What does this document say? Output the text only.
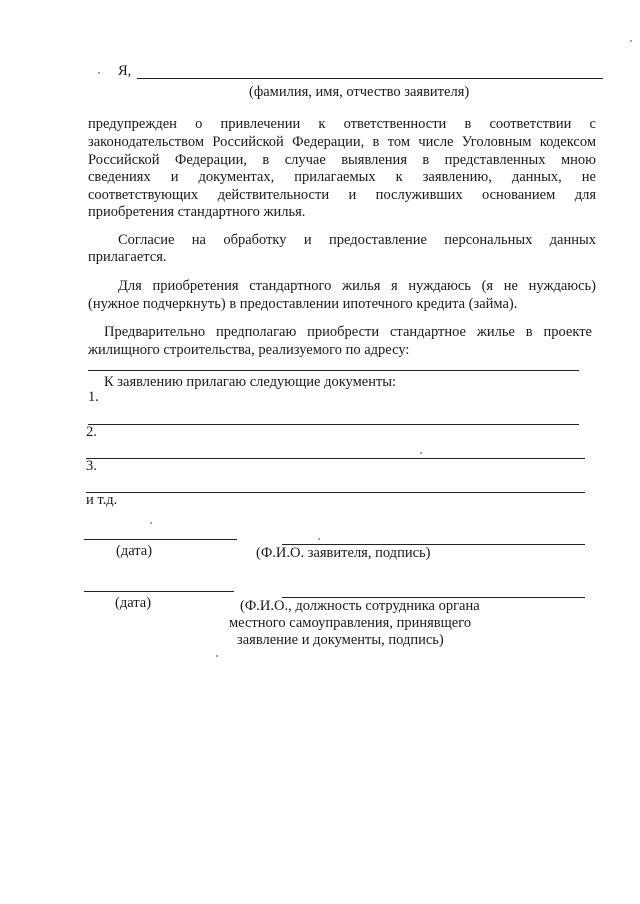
Я,
(фамилия, имя, отчество заявителя)
предупрежден о привлечении к ответственности в соответствии с
законодательством Российской Федерации, в том числе Уголовным кодексом
Российской Федерации, в случае выявления в представленных мною
сведениях и документах, прилагаемых к заявлению, данных, не
соответствующих действительности и послуживших основанием для
приобретения стандартного жилья.
Согласие на обработку и предоставление персональных данных
прилагается.
Для приобретения стандартного жилья я нуждаюсь (я не нуждаюсь)
(нужное подчеркнуть) в предоставлении ипотечного кредита (займа).
Предварительно предполагаю приобрести стандартное жилье в проекте
жилищного строительства, реализуемого по адресу:
К заявлению прилагаю следующие документы:
1.
2.
3.
и т.д.
(дата)	(Ф.И.О. заявителя, подпись)
(дата)	(Ф.И.О., должность сотрудника органа
местного самоуправления, принявщего
заявление и документы, подпись)
